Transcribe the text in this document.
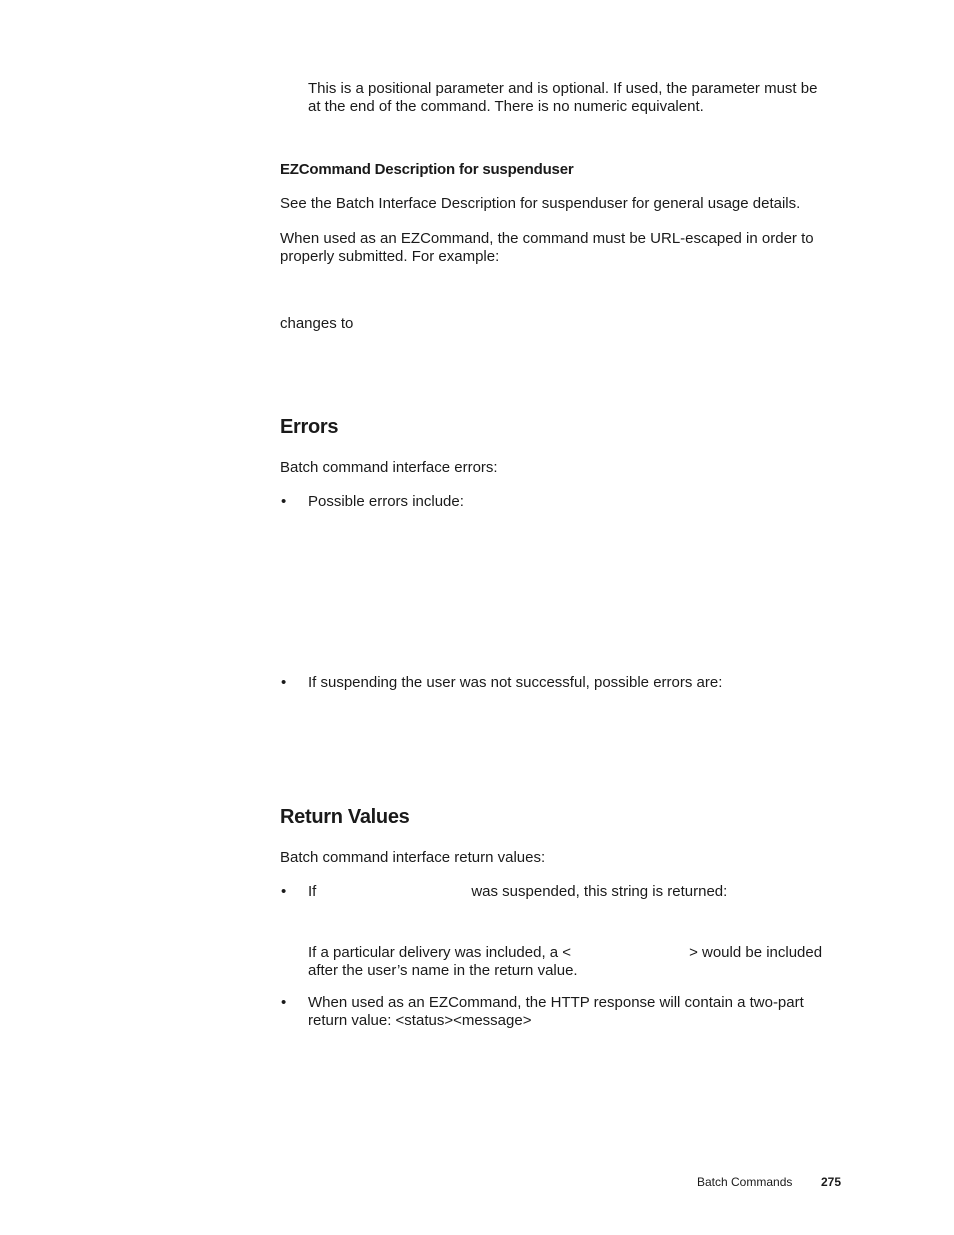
This is a positional parameter and is optional. If used, the parameter must be
at the end of the command. There is no numeric equivalent.
EZCommand Description for suspenduser
See the Batch Interface Description for suspenduser for general usage details.
When used as an EZCommand, the command must be URL-escaped in order to
properly submitted. For example:
changes to
Errors
Batch command interface errors:
•	Possible errors include:
•	If suspending the user was not successful, possible errors are:
Return Values
Batch command interface return values:
•	If	was suspended, this string is returned:
If a particular delivery was included, a <	> would be included
after the user’s name in the return value.
•	When used as an EZCommand, the HTTP response will contain a two-part
return value: <status><message>
Batch Commands 275
